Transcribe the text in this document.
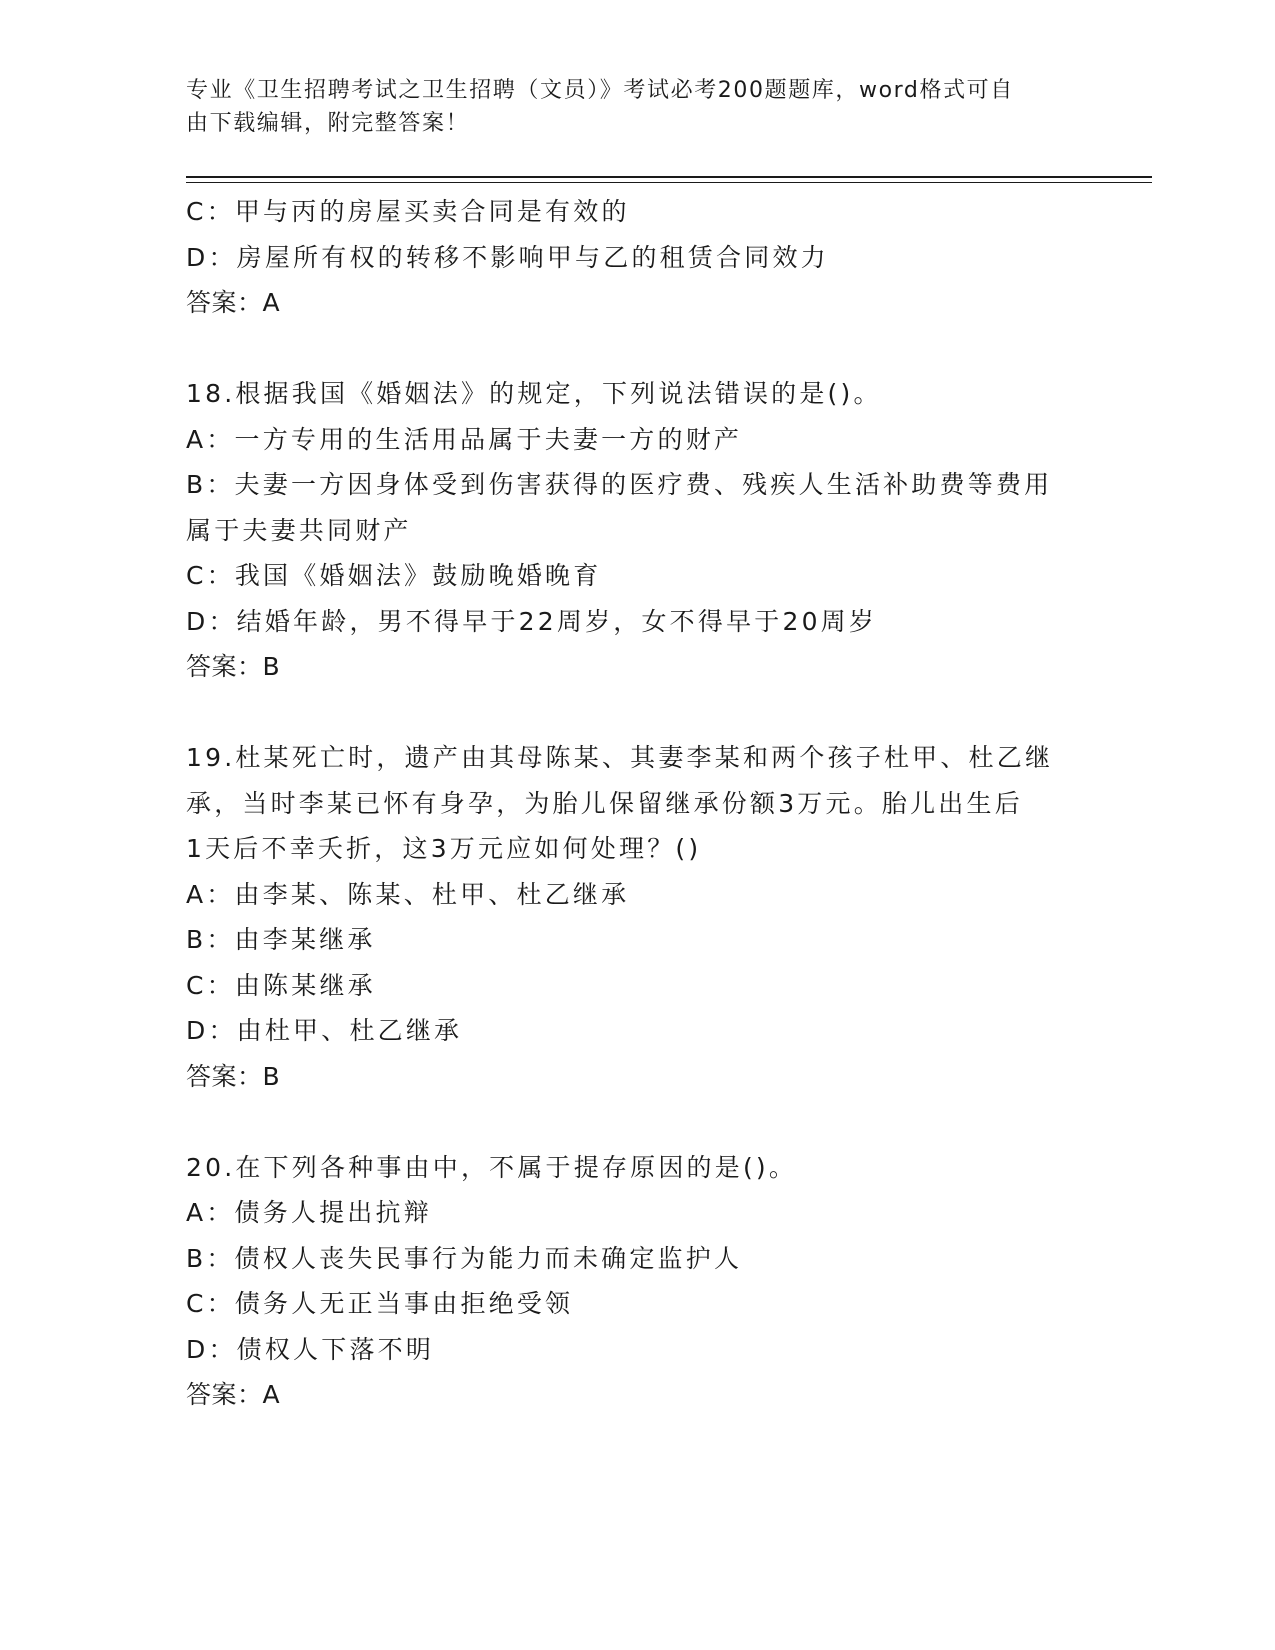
专业《卫生招聘考试之卫生招聘（文员）》考试必考200题题库，word格式可自
由下载编辑，附完整答案！
C：甲与丙的房屋买卖合同是有效的
D：房屋所有权的转移不影响甲与乙的租赁合同效力
答案：A
18.根据我国《婚姻法》的规定，下列说法错误的是()。
A：一方专用的生活用品属于夫妻一方的财产
B：夫妻一方因身体受到伤害获得的医疗费、残疾人生活补助费等费用
属于夫妻共同财产
C：我国《婚姻法》鼓励晚婚晚育
D：结婚年龄，男不得早于22周岁，女不得早于20周岁
答案：B
19.杜某死亡时，遗产由其母陈某、其妻李某和两个孩子杜甲、杜乙继
承，当时李某已怀有身孕，为胎儿保留继承份额3万元。胎儿出生后
1天后不幸夭折，这3万元应如何处理？()
A：由李某、陈某、杜甲、杜乙继承
B：由李某继承
C：由陈某继承
D：由杜甲、杜乙继承
答案：B
20.在下列各种事由中，不属于提存原因的是()。
A：债务人提出抗辩
B：债权人丧失民事行为能力而未确定监护人
C：债务人无正当事由拒绝受领
D：债权人下落不明
答案：A
